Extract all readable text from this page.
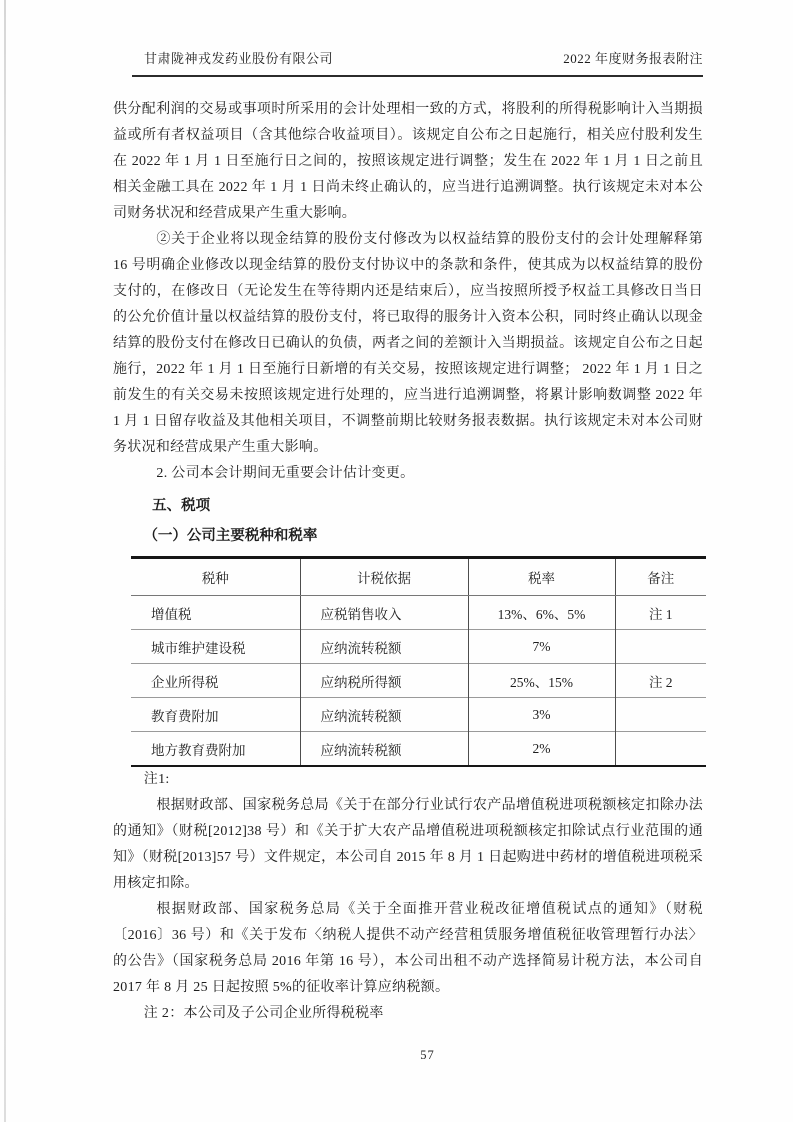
甘肃陇神戎发药业股份有限公司	2022 年度财务报表附注

供分配利润的交易或事项时所采用的会计处理相一致的方式，将股利的所得税影响计入当期损益或所有者权益项目（含其他综合收益项目）。该规定自公布之日起施行，相关应付股利发生在 2022 年 1 月 1 日至施行日之间的，按照该规定进行调整；发生在 2022 年 1 月 1 日之前且相关金融工具在 2022 年 1 月 1 日尚未终止确认的，应当进行追溯调整。执行该规定未对本公司财务状况和经营成果产生重大影响。

②关于企业将以现金结算的股份支付修改为以权益结算的股份支付的会计处理解释第 16 号明确企业修改以现金结算的股份支付协议中的条款和条件，使其成为以权益结算的股份支付的，在修改日（无论发生在等待期内还是结束后），应当按照所授予权益工具修改日当日的公允价值计量以权益结算的股份支付，将已取得的服务计入资本公积，同时终止确认以现金结算的股份支付在修改日已确认的负债，两者之间的差额计入当期损益。该规定自公布之日起施行，2022 年 1 月 1 日至施行日新增的有关交易，按照该规定进行调整； 2022 年 1 月 1 日之前发生的有关交易未按照该规定进行处理的，应当进行追溯调整，将累计影响数调整 2022 年 1 月 1 日留存收益及其他相关项目，不调整前期比较财务报表数据。执行该规定未对本公司财务状况和经营成果产生重大影响。

2. 公司本会计期间无重要会计估计变更。

五、税项
（一）公司主要税种和税率
税种	计税依据	税率	备注
增值税	应税销售收入	13%、6%、5%	注 1
城市维护建设税	应纳流转税额	7%	
企业所得税	应纳税所得额	25%、15%	注 2
教育费附加	应纳流转税额	3%	
地方教育费附加	应纳流转税额	2%	

注1:

根据财政部、国家税务总局《关于在部分行业试行农产品增值税进项税额核定扣除办法的通知》（财税[2012]38 号）和《关于扩大农产品增值税进项税额核定扣除试点行业范围的通知》（财税[2013]57 号）文件规定，本公司自 2015 年 8 月 1 日起购进中药材的增值税进项税采用核定扣除。

根据财政部、国家税务总局《关于全面推开营业税改征增值税试点的通知》（财税〔2016〕36 号）和《关于发布〈纳税人提供不动产经营租赁服务增值税征收管理暂行办法〉的公告》（国家税务总局 2016 年第 16 号），本公司出租不动产选择简易计税方法，本公司自 2017 年 8 月 25 日起按照 5%的征收率计算应纳税额。

注 2：本公司及子公司企业所得税税率

57
